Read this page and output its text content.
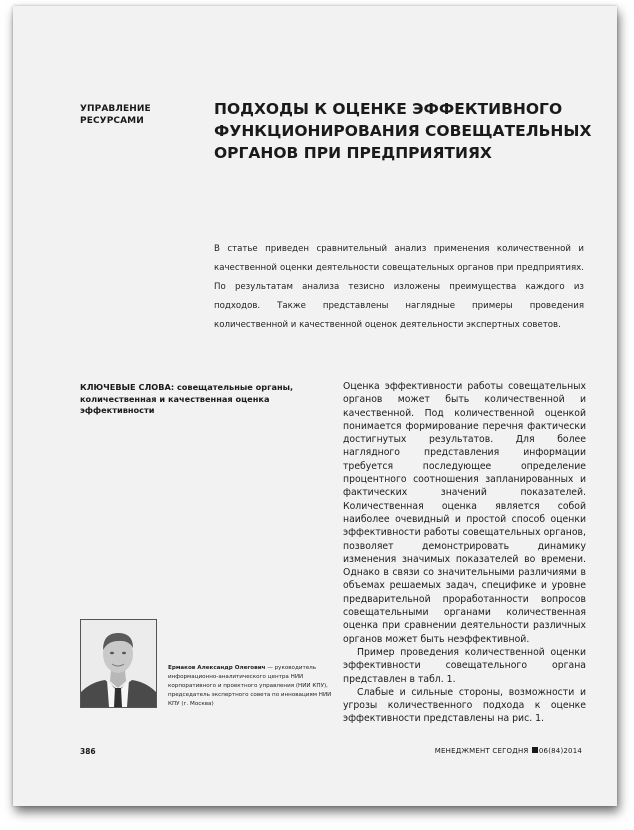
УПРАВЛЕНИЕ
РЕСУРСАМИ
ПОДХОДЫ К ОЦЕНКЕ ЭФФЕКТИВНОГО
ФУНКЦИОНИРОВАНИЯ СОВЕЩАТЕЛЬНЫХ
ОРГАНОВ ПРИ ПРЕДПРИЯТИЯХ
В статье приведен сравнительный анализ применения количественной и качественной оценки деятельности совещательных органов при предприятиях. По результатам анализа тезисно изложены преимущества каждого из подходов. Также представлены наглядные примеры проведения количественной и качественной оценок деятельности экспертных советов.
КЛЮЧЕВЫЕ СЛОВА: совещательные органы, количественная и качественная оценка эффективности

Оценка эффективности работы совещательных органов может быть количественной и качественной. Под количественной оценкой понимается формирование перечня фактически достигнутых результатов. Для более наглядного представления информации требуется последующее определение процентного соотношения запланированных и фактических значений показателей. Количественная оценка является собой наиболее очевидный и простой способ оценки эффективности работы совещательных органов, позволяет демонстрировать динамику изменения значимых показателей во времени. Однако в связи со значительными различиями в объемах решаемых задач, специфике и уровне предварительной проработанности вопросов совещательными органами количественная оценка при сравнении деятельности различных органов может быть неэффективной.

Пример проведения количественной оценки эффективности совещательного органа представлен в табл. 1.

Слабые и сильные стороны, возможности и угрозы количественного подхода к оценке эффективности представлены на рис. 1.

Ермаков Александр Олегович — руководитель информационно-аналитического центра НИИ корпоративного и проектного управления (НИИ КПУ), председатель экспертного совета по инновациям НИИ КПУ (г. Москва)
386	МЕНЕДЖМЕНТ СЕГОДНЯ 06(84)2014
